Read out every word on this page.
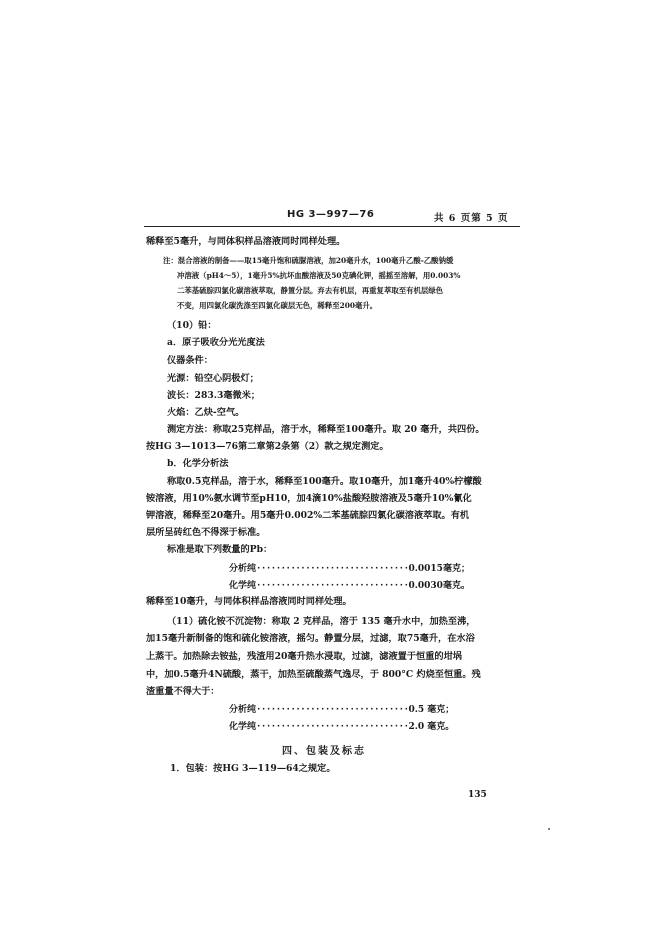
HG 3—997—76	共 6 页第 5 页
稀释至5毫升，与同体积样品溶液同时同样处理。
注：混合溶液的制备——取15毫升饱和硫脲溶液，加20毫升水，100毫升乙酸-乙酸钠缓
冲溶液（pH4～5），1毫升5%抗坏血酸溶液及50克碘化钾，摇摇至溶解，用0.003%
二苯基硫腙四氯化碳溶液萃取，静置分层。弃去有机层，再重复萃取至有机层绿色
不变，用四氯化碳洗涤至四氯化碳层无色，稀释至200毫升。
（10）铅：
a．原子吸收分光光度法
仪器条件：
光源：铅空心阴极灯；
波长：283.3毫微米；
火焰：乙炔-空气。
测定方法：称取25克样品，溶于水，稀释至100毫升。取 20 毫升，共四份。
按HG 3—1013—76第二章第2条第（2）款之规定测定。
b．化学分析法
称取0.5克样品，溶于水，稀释至100毫升。取10毫升，加1毫升40%柠檬酸
铵溶液，用10%氨水调节至pH10，加4滴10%盐酸羟胺溶液及5毫升10%氰化
钾溶液，稀释至20毫升。用5毫升0.002%二苯基硫腙四氯化碳溶液萃取。有机
层所呈砖红色不得深于标准。
标准是取下列数量的Pb：
分析纯·······························0.0015毫克；
化学纯·······························0.0030毫克。
稀释至10毫升，与同体积样品溶液同时同样处理。
（11）硫化铵不沉淀物：称取 2 克样品，溶于 135 毫升水中，加热至沸，
加15毫升新制备的饱和硫化铵溶液，摇匀。静置分层，过滤，取75毫升，在水浴
上蒸干。加热除去铵盐，残渣用20毫升热水浸取，过滤，滤液置于恒重的坩埚
中，加0.5毫升4N硫酸，蒸干，加热至硫酸蒸气逸尽，于 800°C 灼烧至恒重。残
渣重量不得大于：
分析纯·······························0.5 毫克；
化学纯·······························2.0 毫克。
四、包装及标志
1．包装：按HG 3—119—64之规定。
135
